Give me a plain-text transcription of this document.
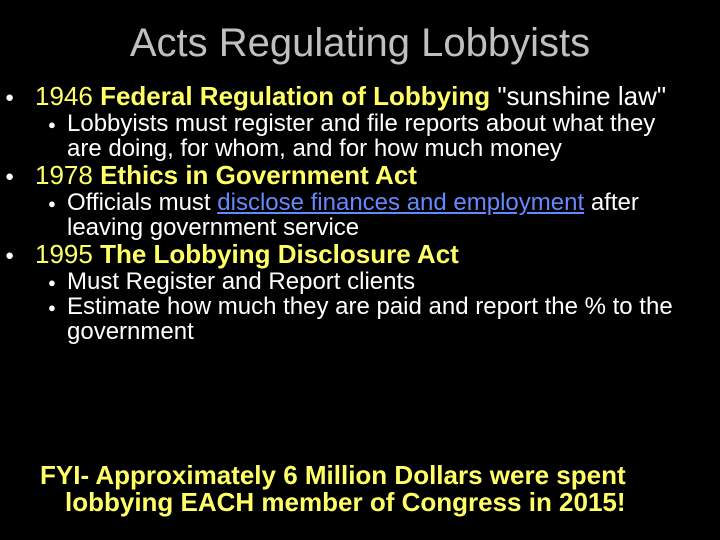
Acts Regulating Lobbyists
● 1946 Federal Regulation of Lobbying "sunshine law"
● Lobbyists must register and file reports about what they are doing, for whom, and for how much money
● 1978 Ethics in Government Act
● Officials must disclose finances and employment after leaving government service
● 1995 The Lobbying Disclosure Act
● Must Register and Report clients
● Estimate how much they are paid and report the % to the government
FYI- Approximately 6 Million Dollars were spent
lobbying EACH member of Congress in 2015!
